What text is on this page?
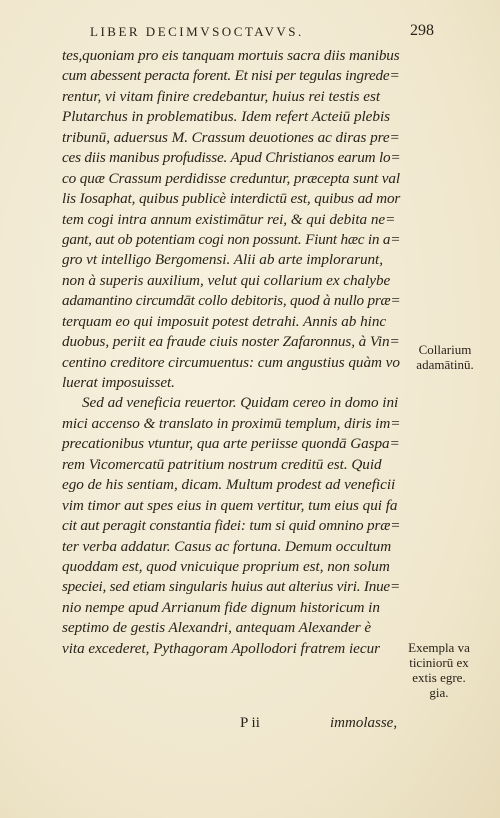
LIBER DECIMVSOCTAVVS.	298
tes,quoniam pro eis tanquam mortuis sacra diis manibus
cum abessent peracta forent. Et nisi per tegulas ingrede=
rentur, vi vitam finire credebantur, huius rei testis est
Plutarchus in problematibus. Idem refert Acteiū plebis
tribunū, aduersus M. Crassum deuotiones ac diras pre=
ces diis manibus profudisse. Apud Christianos earum lo=
co quæ Crassum perdidisse creduntur, præcepta sunt val
lis Iosaphat, quibus publicè interdictū est, quibus ad mor
tem cogi intra annum existimātur rei, & qui debita ne=
gant, aut ob potentiam cogi non possunt. Fiunt hæc in a=
gro vt intelligo Bergomensi. Alii ab arte implorarunt,
non à superis auxilium, velut qui collarium ex chalybe
adamantino circumdāt collo debitoris, quod à nullo præ=
terquam eo qui imposuit potest detrahi. Annis ab hinc
duobus, periit ea fraude ciuis noster Zafaronnus, à Vin=
centino creditore circumuentus: cum angustius quàm vo
luerat imposuisset.
Sed ad veneficia reuertor. Quidam cereo in domo ini
mici accenso & translato in proximū templum, diris im=
precationibus vtuntur, qua arte periisse quondā Gaspa=
rem Vicomercatū patritium nostrum creditū est. Quid
ego de his sentiam, dicam. Multum prodest ad veneficii
vim timor aut spes eius in quem vertitur, tum eius qui fa
cit aut peragit constantia fidei: tum si quid omnino præ=
ter verba addatur. Casus ac fortuna. Demum occultum
quoddam est, quod vnicuique proprium est, non solum
speciei, sed etiam singularis huius aut alterius viri. Inue=
nio nempe apud Arrianum fide dignum historicum in
septimo de gestis Alexandri, antequam Alexander è
vita excederet, Pythagoram Apollodori fratrem iecur
Collarium
adamātinū.
Exempla va
ticiniorū ex
extis egre.
gia.
P ii	immolasse,
